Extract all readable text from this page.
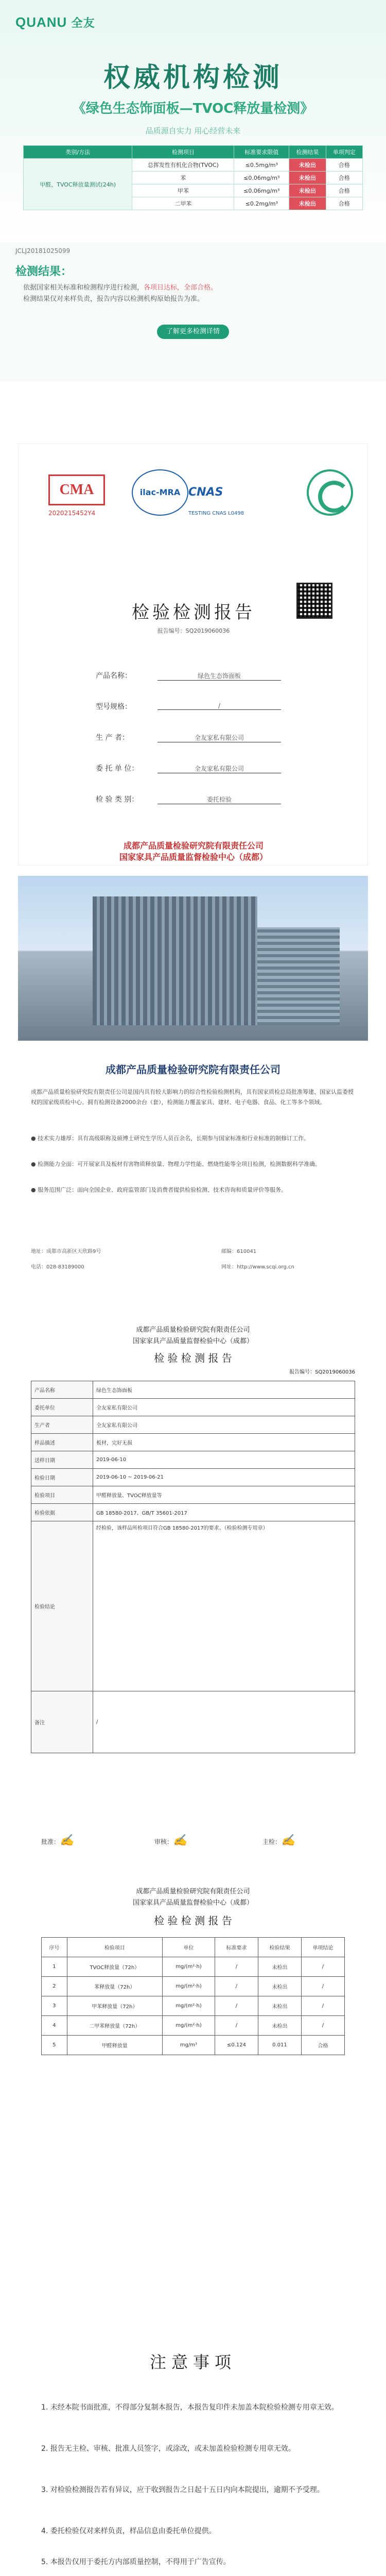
QUANU 全友
权威机构检测
《绿色生态饰面板—TVOC释放量检测》
品质源自实力 用心经营未来
类别/方法	检测项目	标准要求限值	检测结果	单项判定
甲醛、TVOC释放量测试(24h)	总挥发性有机化合物(TVOC)	≤0.5mg/m³	未检出	合格
	苯	≤0.06mg/m³	未检出	合格
	甲苯	≤0.06mg/m³	未检出	合格
	二甲苯	≤0.2mg/m³	未检出	合格
JCLJ20181025099
检测结果：
依据国家相关标准和检测程序进行检测，各项目达标，全部合格。
检测结果仅对来样负责，报告内容以检测机构原始报告为准。
了解更多检测详情
CMA
2020215452Y4
ilac-MRA CNAS
TESTING CNAS L0498
检验检测报告
报告编号：SQ2019060036
产品名称：	绿色生态饰面板
型号规格：	/
生 产 者：	全友家私有限公司
委 托 单 位：	全友家私有限公司
检 验 类 别：	委托检验
成都产品质量检验研究院有限责任公司
国家家具产品质量监督检验中心（成都）
成都产品质量检验研究院有限责任公司
成都产品质量检验研究院有限责任公司是国内具有较大影响力的综合性检验检测机构，具有国家质检总局批准筹建、国家认监委授权的国家级质检中心。拥有检测设备2000余台（套），检测能力覆盖家具、建材、电子电器、食品、化工等多个领域。
● 技术实力雄厚：具有高级职称及硕博士研究生学历人员百余名，长期参与国家标准和行业标准的制修订工作。
● 检测能力全面：可开展家具及板材有害物质释放量、物理力学性能、燃烧性能等全项目检测，检测数据科学准确。
● 服务范围广泛：面向全国企业、政府监管部门及消费者提供检验检测、技术咨询和质量评价等服务。
地址：成都市高新区天欣路9号	邮编：610041
电话：028-83189000	网址：http://www.scqi.org.cn
成都产品质量检验研究院有限责任公司
国家家具产品质量监督检验中心（成都）
检 验 检 测 报 告
报告编号：SQ2019060036
产品名称	绿色生态饰面板
委托单位	全友家私有限公司
生产者	全友家私有限公司
样品描述	板材，完好无损
送样日期	2019-06-10
检验日期	2019-06-10 ~ 2019-06-21
检验项目	甲醛释放量、TVOC释放量等
检验依据	GB 18580-2017、GB/T 35601-2017
检验结论	经检验，该样品所检项目符合GB 18580-2017的要求。（检验检测专用章）
备注	/
批准：✍	审核：✍	主检：✍
成都产品质量检验研究院有限责任公司
国家家具产品质量监督检验中心（成都）
检 验 检 测 报 告
序号	检验项目	单位	标准要求	检验结果	单项结论
1	TVOC释放量（72h）	mg/(m²·h)	/	未检出	/
2	苯释放量（72h）	mg/(m²·h)	/	未检出	/
3	甲苯释放量（72h）	mg/(m²·h)	/	未检出	/
4	二甲苯释放量（72h）	mg/(m²·h)	/	未检出	/
5	甲醛释放量	mg/m³	≤0.124	0.011	合格
注意事项
1. 未经本院书面批准，不得部分复制本报告，本报告复印件未加盖本院检验检测专用章无效。
2. 报告无主检、审核、批准人员签字，或涂改，或未加盖检验检测专用章无效。
3. 对检验检测报告若有异议，应于收到报告之日起十五日内向本院提出，逾期不予受理。
4. 委托检验仅对来样负责，样品信息由委托单位提供。
5. 本报告仅用于委托方内部质量控制，不得用于广告宣传。
